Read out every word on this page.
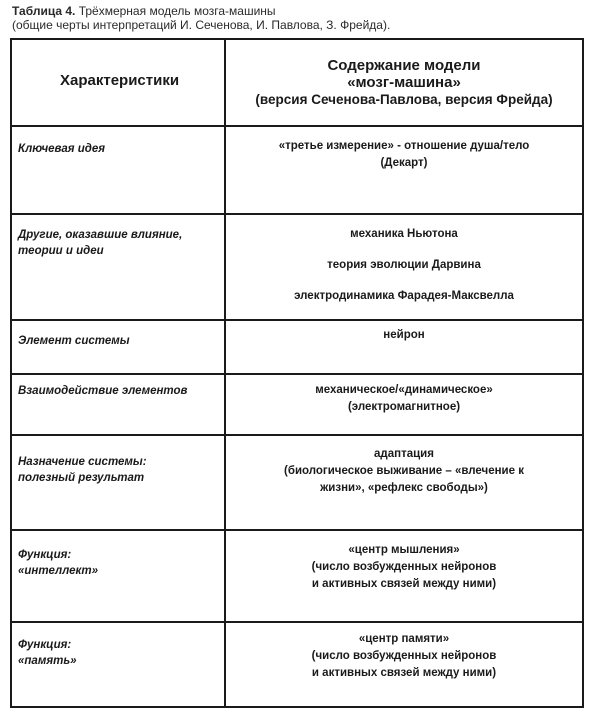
Таблица 4. Трёхмерная модель мозга-машины
(общие черты интерпретаций И. Сеченова, И. Павлова, З. Фрейда).
Характеристики	Содержание модели
«мозг-машина»
(версия Сеченова-Павлова, версия Фрейда)
Ключевая идея	«третье измерение» - отношение душа/тело
(Декарт)

Другие, оказавшие влияние,
теории и идеи	механика Ньютона
теория эволюции Дарвина
электродинамика Фарадея-Максвелла

Элемент системы	нейрон

Взаимодействие элементов	механическое/«динамическое»
(электромагнитное)

Назначение системы:
полезный результат	адаптация
(биологическое выживание – «влечение к
жизни», «рефлекс свободы»)

Функция:
«интеллект»	«центр мышления»
(число возбужденных нейронов
и активных связей между ними)

Функция:
«память»	«центр памяти»
(число возбужденных нейронов
и активных связей между ними)
